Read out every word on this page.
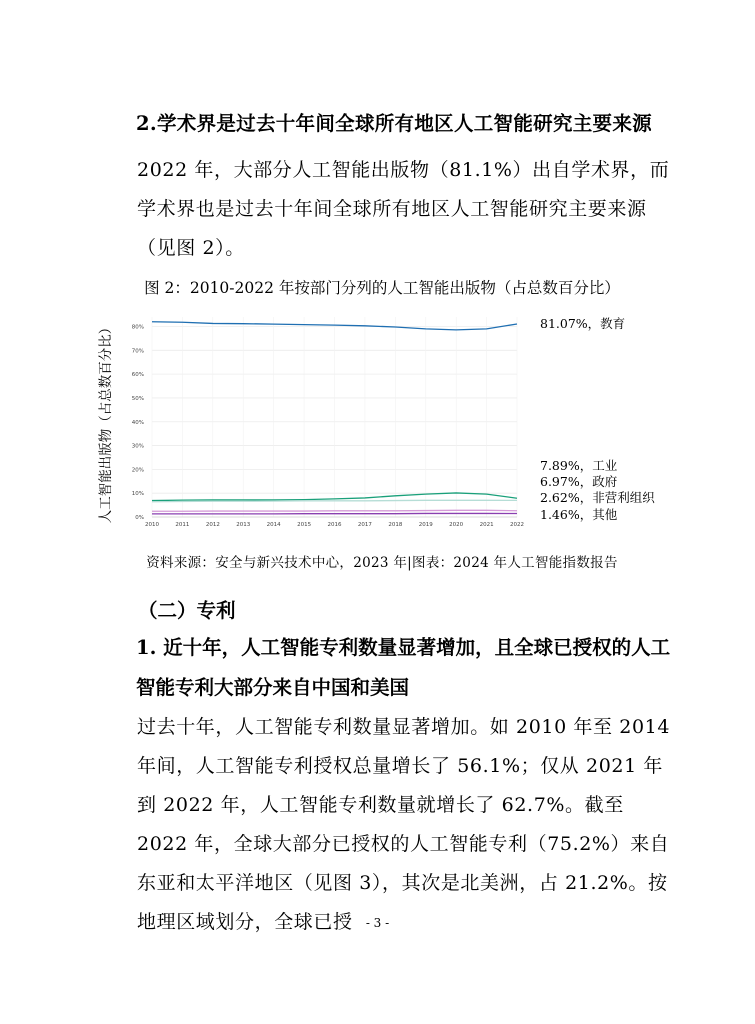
2.学术界是过去十年间全球所有地区人工智能研究主要来源
2022 年，大部分人工智能出版物（81.1%）出自学术界，而学术界也是过去十年间全球所有地区人工智能研究主要来源（见图 2）。
图 2：2010-2022 年按部门分列的人工智能出版物（占总数百分比）
0%
10%
20%
30%
40%
50%
60%
70%
80%
2010	2011	2012	2013	2014	2015	2016	2017	2018	2019	2020	2021	2022
81.07%，教育
7.89%，工业
6.97%，政府
2.62%，非营利组织
1.46%，其他
人工智能出版物（占总数百分比）
资料来源：安全与新兴技术中心，2023 年|图表：2024 年人工智能指数报告
（二）专利
1. 近十年，人工智能专利数量显著增加，且全球已授权的人工智能专利大部分来自中国和美国
过去十年，人工智能专利数量显著增加。如 2010 年至 2014 年间，人工智能专利授权总量增长了 56.1%；仅从 2021 年到 2022 年，人工智能专利数量就增长了 62.7%。截至 2022 年，全球大部分已授权的人工智能专利（75.2%）来自东亚和太平洋地区（见图 3），其次是北美洲，占 21.2%。按地理区域划分，全球已授	- 3 -
